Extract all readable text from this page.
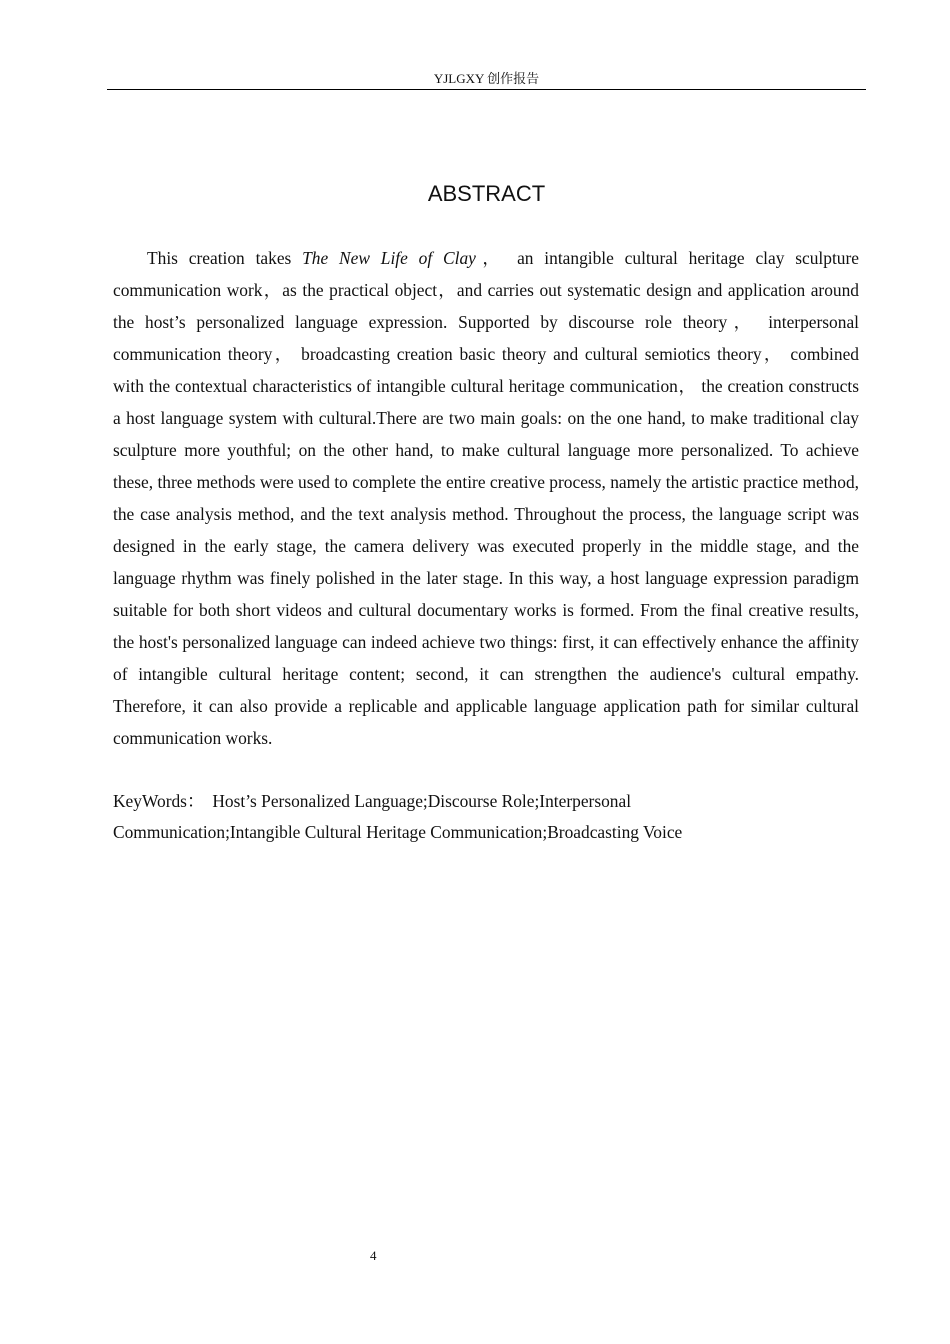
YJLGXY 创作报告
ABSTRACT

This creation takes The New Life of Clay， an intangible cultural heritage clay sculpture communication work，as the practical object，and carries out systematic design and application around the host’s personalized language expression. Supported by discourse role theory， interpersonal communication theory， broadcasting creation basic theory and cultural semiotics theory， combined with the contextual characteristics of intangible cultural heritage communication， the creation constructs a host language system with cultural.There are two main goals: on the one hand, to make traditional clay sculpture more youthful; on the other hand, to make cultural language more personalized. To achieve these, three methods were used to complete the entire creative process, namely the artistic practice method, the case analysis method, and the text analysis method. Throughout the process, the language script was designed in the early stage, the camera delivery was executed properly in the middle stage, and the language rhythm was finely polished in the later stage. In this way, a host language expression paradigm suitable for both short videos and cultural documentary works is formed. From the final creative results, the host's personalized language can indeed achieve two things: first, it can effectively enhance the affinity of intangible cultural heritage content; second, it can strengthen the audience's cultural empathy. Therefore, it can also provide a replicable and applicable language application path for similar cultural communication works.

KeyWords： Host’s Personalized Language;Discourse Role;Interpersonal Communication;Intangible Cultural Heritage Communication;Broadcasting Voice

4
